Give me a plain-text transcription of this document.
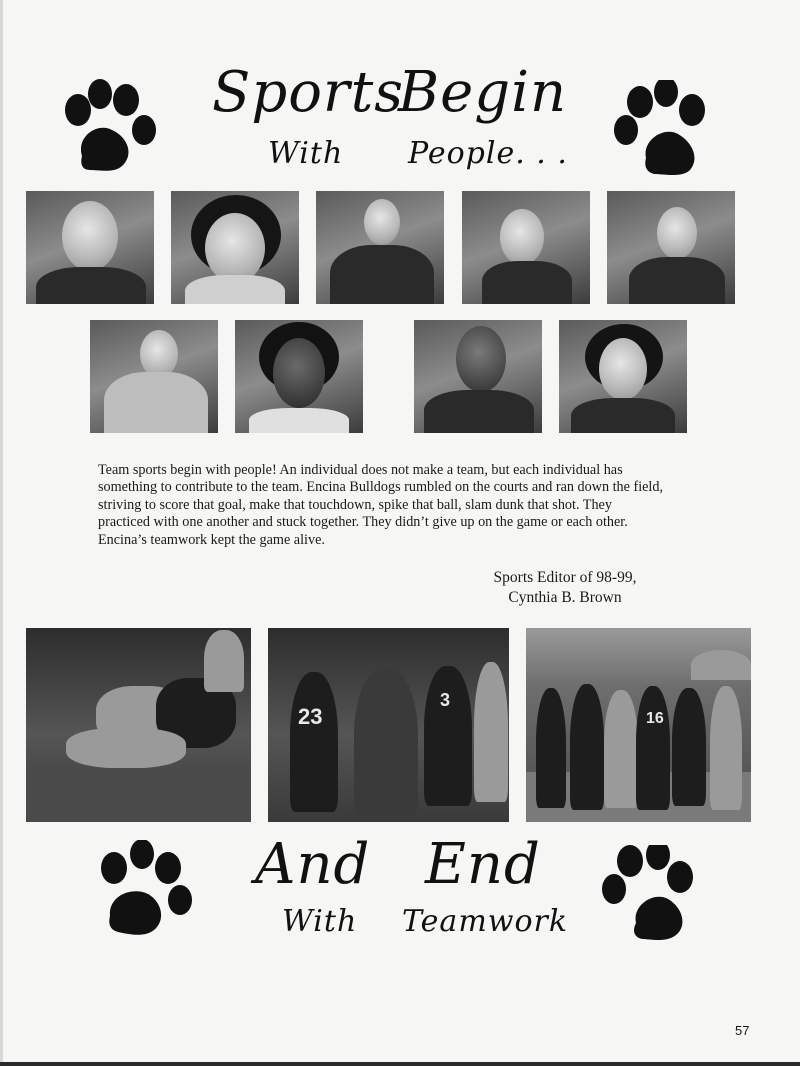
Sports
Begin
With People. . .
Team sports begin with people! An individual does not make a team, but each individual has something to contribute to the team. Encina Bulldogs rumbled on the courts and ran down the field, striving to score that goal, make that touchdown, spike that ball, slam dunk that shot. They practiced with one another and stuck together. They didn’t give up on the game or each other. Encina’s teamwork kept the game alive.
Sports Editor of 98-99,
Cynthia B. Brown
23
3
16
And End
With Teamwork
57
